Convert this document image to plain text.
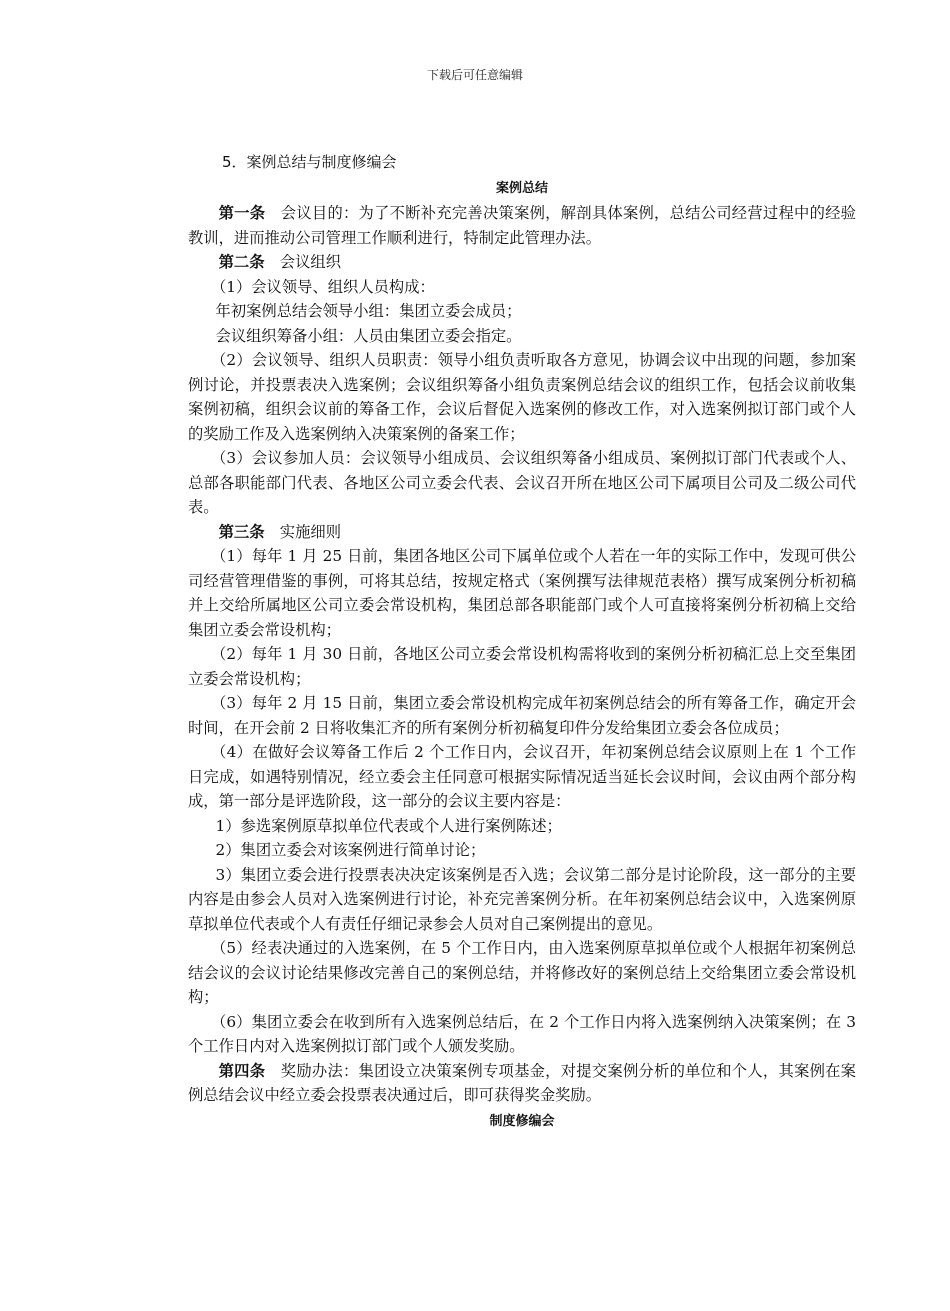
下载后可任意编辑
5．案例总结与制度修编会
案例总结

第一条　会议目的：为了不断补充完善决策案例，解剖具体案例，总结公司经营过程中的经验教训，进而推动公司管理工作顺利进行，特制定此管理办法。

第二条　会议组织

（1）会议领导、组织人员构成：

年初案例总结会领导小组：集团立委会成员；

会议组织筹备小组：人员由集团立委会指定。

（2）会议领导、组织人员职责：领导小组负责听取各方意见，协调会议中出现的问题，参加案例讨论，并投票表决入选案例；会议组织筹备小组负责案例总结会议的组织工作，包括会议前收集案例初稿，组织会议前的筹备工作，会议后督促入选案例的修改工作，对入选案例拟订部门或个人的奖励工作及入选案例纳入决策案例的备案工作；

（3）会议参加人员：会议领导小组成员、会议组织筹备小组成员、案例拟订部门代表或个人、总部各职能部门代表、各地区公司立委会代表、会议召开所在地区公司下属项目公司及二级公司代表。

第三条　实施细则

（1）每年 1 月 25 日前，集团各地区公司下属单位或个人若在一年的实际工作中，发现可供公司经营管理借鉴的事例，可将其总结，按规定格式（案例撰写法律规范表格）撰写成案例分析初稿并上交给所属地区公司立委会常设机构，集团总部各职能部门或个人可直接将案例分析初稿上交给集团立委会常设机构；

（2）每年 1 月 30 日前，各地区公司立委会常设机构需将收到的案例分析初稿汇总上交至集团立委会常设机构；

（3）每年 2 月 15 日前，集团立委会常设机构完成年初案例总结会的所有筹备工作，确定开会时间，在开会前 2 日将收集汇齐的所有案例分析初稿复印件分发给集团立委会各位成员；

（4）在做好会议筹备工作后 2 个工作日内，会议召开，年初案例总结会议原则上在 1 个工作日完成，如遇特别情况，经立委会主任同意可根据实际情况适当延长会议时间，会议由两个部分构成，第一部分是评选阶段，这一部分的会议主要内容是：

1）参选案例原草拟单位代表或个人进行案例陈述；

2）集团立委会对该案例进行简单讨论；

3）集团立委会进行投票表决决定该案例是否入选；会议第二部分是讨论阶段，这一部分的主要内容是由参会人员对入选案例进行讨论，补充完善案例分析。在年初案例总结会议中，入选案例原草拟单位代表或个人有责任仔细记录参会人员对自己案例提出的意见。

（5）经表决通过的入选案例，在 5 个工作日内，由入选案例原草拟单位或个人根据年初案例总结会议的会议讨论结果修改完善自己的案例总结，并将修改好的案例总结上交给集团立委会常设机构；

（6）集团立委会在收到所有入选案例总结后，在 2 个工作日内将入选案例纳入决策案例；在 3 个工作日内对入选案例拟订部门或个人颁发奖励。

第四条　奖励办法：集团设立决策案例专项基金，对提交案例分析的单位和个人，其案例在案例总结会议中经立委会投票表决通过后，即可获得奖金奖励。

制度修编会
